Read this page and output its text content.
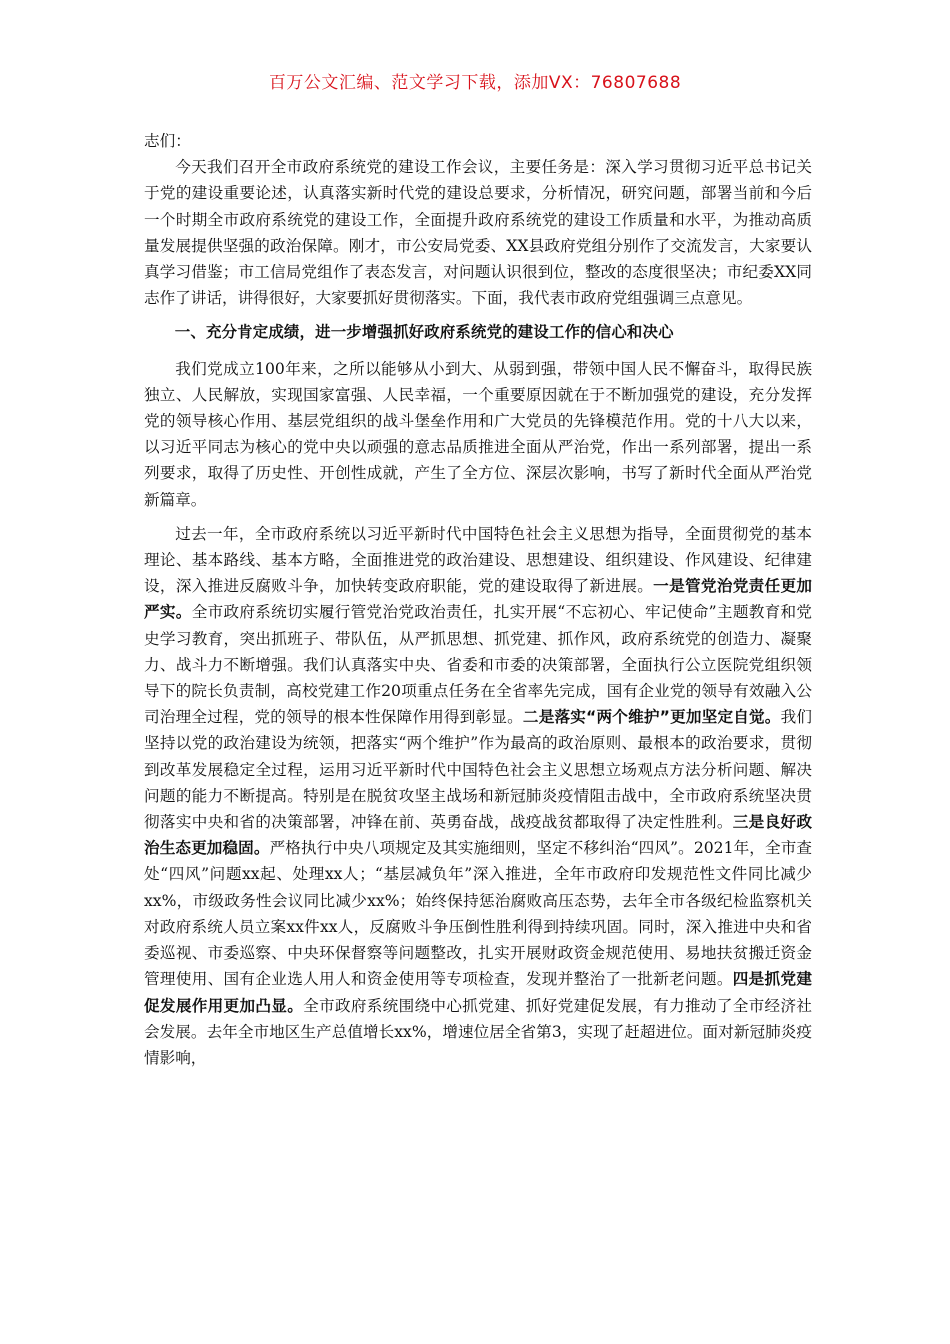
百万公文汇编、范文学习下载，添加VX：76807688

志们：

今天我们召开全市政府系统党的建设工作会议，主要任务是：深入学习贯彻习近平总书记关于党的建设重要论述，认真落实新时代党的建设总要求，分析情况，研究问题，部署当前和今后一个时期全市政府系统党的建设工作，全面提升政府系统党的建设工作质量和水平，为推动高质量发展提供坚强的政治保障。刚才，市公安局党委、XX县政府党组分别作了交流发言，大家要认真学习借鉴；市工信局党组作了表态发言，对问题认识很到位，整改的态度很坚决；市纪委XX同志作了讲话，讲得很好，大家要抓好贯彻落实。下面，我代表市政府党组强调三点意见。

一、充分肯定成绩，进一步增强抓好政府系统党的建设工作的信心和决心

我们党成立100年来，之所以能够从小到大、从弱到强，带领中国人民不懈奋斗，取得民族独立、人民解放，实现国家富强、人民幸福，一个重要原因就在于不断加强党的建设，充分发挥党的领导核心作用、基层党组织的战斗堡垒作用和广大党员的先锋模范作用。党的十八大以来，以习近平同志为核心的党中央以顽强的意志品质推进全面从严治党，作出一系列部署，提出一系列要求，取得了历史性、开创性成就，产生了全方位、深层次影响，书写了新时代全面从严治党新篇章。

过去一年，全市政府系统以习近平新时代中国特色社会主义思想为指导，全面贯彻党的基本理论、基本路线、基本方略，全面推进党的政治建设、思想建设、组织建设、作风建设、纪律建设，深入推进反腐败斗争，加快转变政府职能，党的建设取得了新进展。一是管党治党责任更加严实。全市政府系统切实履行管党治党政治责任，扎实开展“不忘初心、牢记使命”主题教育和党史学习教育，突出抓班子、带队伍，从严抓思想、抓党建、抓作风，政府系统党的创造力、凝聚力、战斗力不断增强。我们认真落实中央、省委和市委的决策部署，全面执行公立医院党组织领导下的院长负责制，高校党建工作20项重点任务在全省率先完成，国有企业党的领导有效融入公司治理全过程，党的领导的根本性保障作用得到彰显。二是落实“两个维护”更加坚定自觉。我们坚持以党的政治建设为统领，把落实“两个维护”作为最高的政治原则、最根本的政治要求，贯彻到改革发展稳定全过程，运用习近平新时代中国特色社会主义思想立场观点方法分析问题、解决问题的能力不断提高。特别是在脱贫攻坚主战场和新冠肺炎疫情阻击战中，全市政府系统坚决贯彻落实中央和省的决策部署，冲锋在前、英勇奋战，战疫战贫都取得了决定性胜利。三是良好政治生态更加稳固。严格执行中央八项规定及其实施细则，坚定不移纠治“四风”。2021年，全市查处“四风”问题xx起、处理xx人；“基层减负年”深入推进，全年市政府印发规范性文件同比减少xx%，市级政务性会议同比减少xx%；始终保持惩治腐败高压态势，去年全市各级纪检监察机关对政府系统人员立案xx件xx人，反腐败斗争压倒性胜利得到持续巩固。同时，深入推进中央和省委巡视、市委巡察、中央环保督察等问题整改，扎实开展财政资金规范使用、易地扶贫搬迁资金管理使用、国有企业选人用人和资金使用等专项检查，发现并整治了一批新老问题。四是抓党建促发展作用更加凸显。全市政府系统围绕中心抓党建、抓好党建促发展，有力推动了全市经济社会发展。去年全市地区生产总值增长xx%，增速位居全省第3，实现了赶超进位。面对新冠肺炎疫情影响，
